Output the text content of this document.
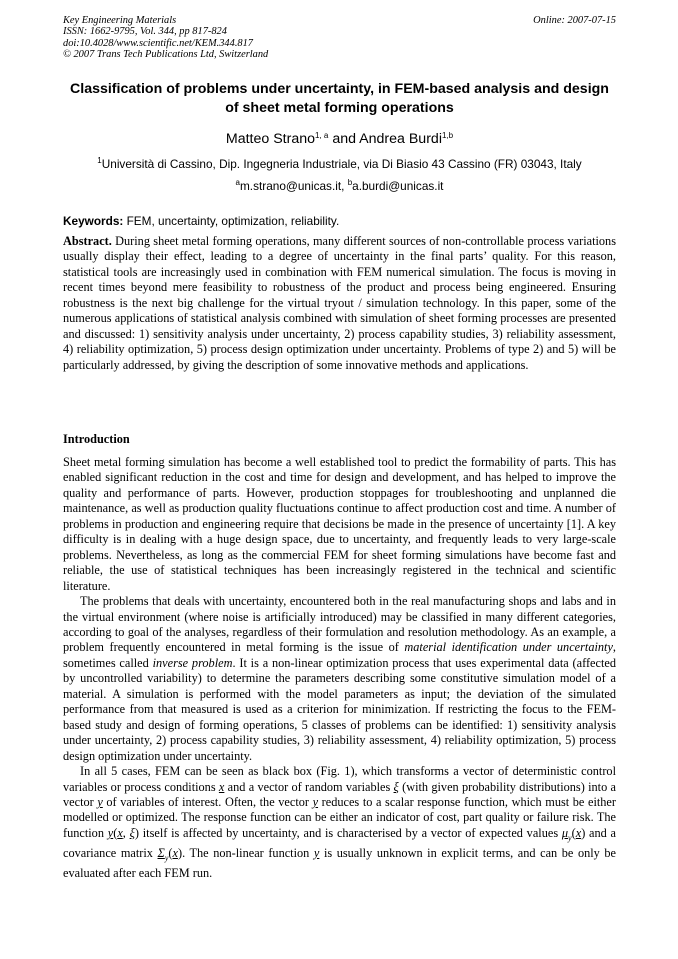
Key Engineering Materials
ISSN: 1662-9795, Vol. 344, pp 817-824
doi:10.4028/www.scientific.net/KEM.344.817
© 2007 Trans Tech Publications Ltd, Switzerland
Online: 2007-07-15
Classification of problems under uncertainty, in FEM-based analysis and design of sheet metal forming operations
Matteo Strano$^{1, a}$ and Andrea Burdi$^{1,b}$
$^1$Università di Cassino, Dip. Ingegneria Industriale, via Di Biasio 43 Cassino (FR) 03043, Italy
$^a$m.strano@unicas.it, $^b$a.burdi@unicas.it
Keywords: FEM, uncertainty, optimization, reliability.
Abstract. During sheet metal forming operations, many different sources of non-controllable process variations usually display their effect, leading to a degree of uncertainty in the final parts’ quality. For this reason, statistical tools are increasingly used in combination with FEM numerical simulation. The focus is moving in recent times beyond mere feasibility to robustness of the product and process being engineered. Ensuring robustness is the next big challenge for the virtual tryout / simulation technology. In this paper, some of the numerous applications of statistical analysis combined with simulation of sheet forming processes are presented and discussed: 1) sensitivity analysis under uncertainty, 2) process capability studies, 3) reliability assessment, 4) reliability optimization, 5) process design optimization under uncertainty. Problems of type 2) and 5) will be particularly addressed, by giving the description of some innovative methods and applications.
Introduction

Sheet metal forming simulation has become a well established tool to predict the formability of parts. This has enabled significant reduction in the cost and time for design and development, and has helped to improve the quality and performance of parts. However, production stoppages for troubleshooting and unplanned die maintenance, as well as production quality fluctuations continue to affect production cost and time. A number of problems in production and engineering require that decisions be made in the presence of uncertainty [1]. A key difficulty is in dealing with a huge design space, due to uncertainty, and frequently leads to very large-scale problems. Nevertheless, as long as the commercial FEM for sheet forming simulations have become fast and reliable, the use of statistical techniques has been increasingly registered in the technical and scientific literature.

The problems that deals with uncertainty, encountered both in the real manufacturing shops and labs and in the virtual environment (where noise is artificially introduced) may be classified in many different categories, according to goal of the analyses, regardless of their formulation and resolution methodology. As an example, a problem frequently encountered in metal forming is the issue of material identification under uncertainty, sometimes called inverse problem. It is a non-linear optimization process that uses experimental data (affected by uncontrolled variability) to determine the parameters describing some constitutive simulation model of a material. A simulation is performed with the model parameters as input; the deviation of the simulated performance from that measured is used as a criterion for minimization. If restricting the focus to the FEM-based study and design of forming operations, 5 classes of problems can be identified: 1) sensitivity analysis under uncertainty, 2) process capability studies, 3) reliability assessment, 4) reliability optimization, 5) process design optimization under uncertainty.

In all 5 cases, FEM can be seen as black box (Fig. 1), which transforms a vector of deterministic control variables or process conditions x and a vector of random variables ξ (with given probability distributions) into a vector y of variables of interest. Often, the vector y reduces to a scalar response function, which must be either modelled or optimized. The response function can be either an indicator of cost, part quality or failure risk. The function y(x, ξ) itself is affected by uncertainty, and is characterised by a vector of expected values $\mu_y(x)$ and a covariance matrix $\Sigma_y(x)$. The non-linear function y is usually unknown in explicit terms, and can be only be evaluated after each FEM run.
